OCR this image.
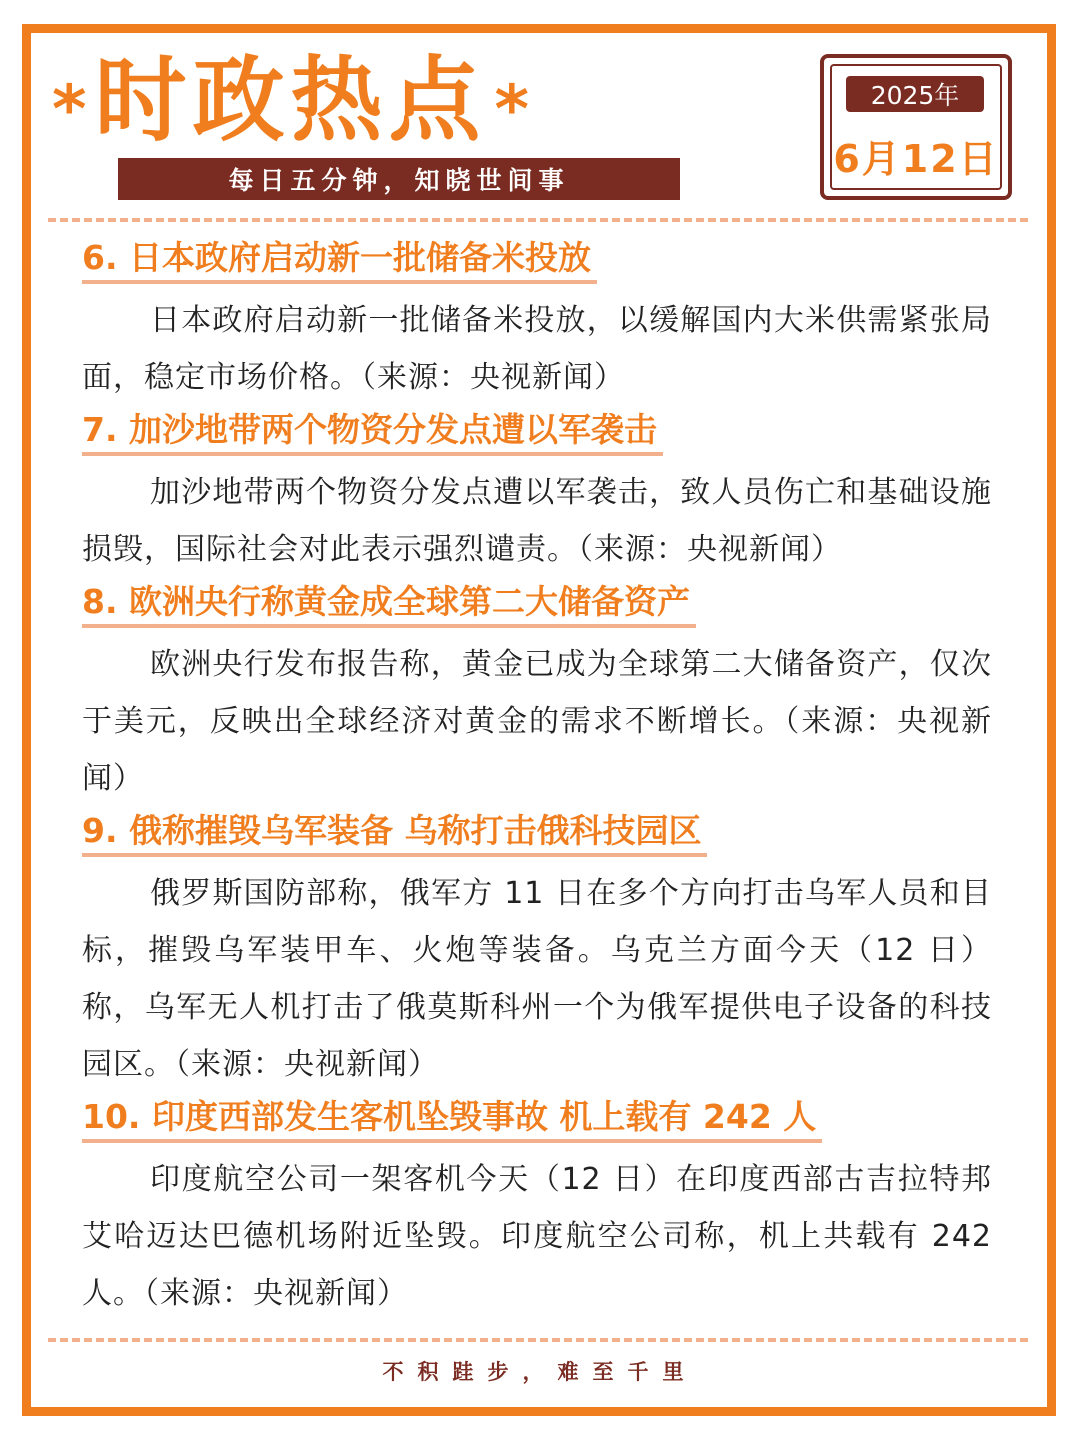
* 时政热点 *
每日五分钟，知晓世间事
2025年
6月12日
6. 日本政府启动新一批储备米投放

日本政府启动新一批储备米投放，以缓解国内大米供需紧张局面，稳定市场价格。（来源：央视新闻）

7. 加沙地带两个物资分发点遭以军袭击

加沙地带两个物资分发点遭以军袭击，致人员伤亡和基础设施损毁，国际社会对此表示强烈谴责。（来源：央视新闻）

8. 欧洲央行称黄金成全球第二大储备资产

欧洲央行发布报告称，黄金已成为全球第二大储备资产，仅次于美元，反映出全球经济对黄金的需求不断增长。（来源：央视新闻）

9. 俄称摧毁乌军装备 乌称打击俄科技园区

俄罗斯国防部称，俄军方 11 日在多个方向打击乌军人员和目标，摧毁乌军装甲车、火炮等装备。乌克兰方面今天（12 日）称，乌军无人机打击了俄莫斯科州一个为俄军提供电子设备的科技园区。（来源：央视新闻）

10. 印度西部发生客机坠毁事故 机上载有 242 人

印度航空公司一架客机今天（12 日）在印度西部古吉拉特邦艾哈迈达巴德机场附近坠毁。印度航空公司称，机上共载有 242 人。（来源：央视新闻）

不积跬步，难至千里
